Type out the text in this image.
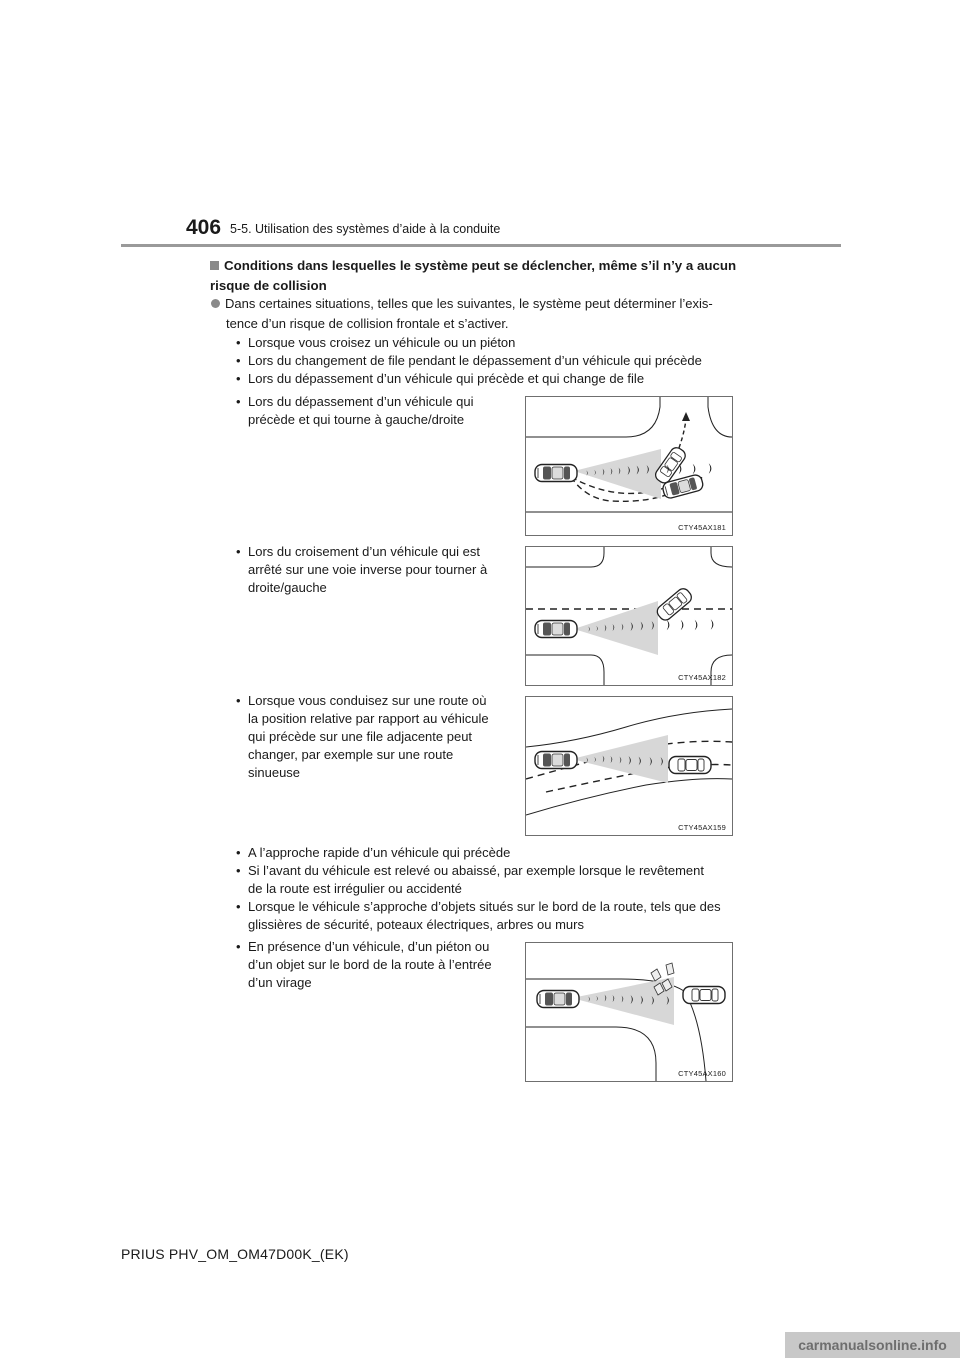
406 5-5. Utilisation des systèmes d’aide à la conduite
Conditions dans lesquelles le système peut se déclencher, même s’il n’y a aucun
risque de collision
Dans certaines situations, telles que les suivantes, le système peut déterminer l’exis-
tence d’un risque de collision frontale et s’activer.
• Lorsque vous croisez un véhicule ou un piéton
• Lors du changement de file pendant le dépassement d’un véhicule qui précède
• Lors du dépassement d’un véhicule qui précède et qui change de file
• Lors du dépassement d’un véhicule qui
précède et qui tourne à gauche/droite
CTY45AX181
• Lors du croisement d’un véhicule qui est
arrêté sur une voie inverse pour tourner à
droite/gauche
CTY45AX182
• Lorsque vous conduisez sur une route où
la position relative par rapport au véhicule
qui précède sur une file adjacente peut
changer, par exemple sur une route
sinueuse
CTY45AX159
• A l’approche rapide d’un véhicule qui précède
• Si l’avant du véhicule est relevé ou abaissé, par exemple lorsque le revêtement
de la route est irrégulier ou accidenté
• Lorsque le véhicule s’approche d’objets situés sur le bord de la route, tels que des
glissières de sécurité, poteaux électriques, arbres ou murs
• En présence d’un véhicule, d’un piéton ou
d’un objet sur le bord de la route à l’entrée
d’un virage
CTY45AX160
PRIUS PHV_OM_OM47D00K_(EK)
carmanualsonline.info
